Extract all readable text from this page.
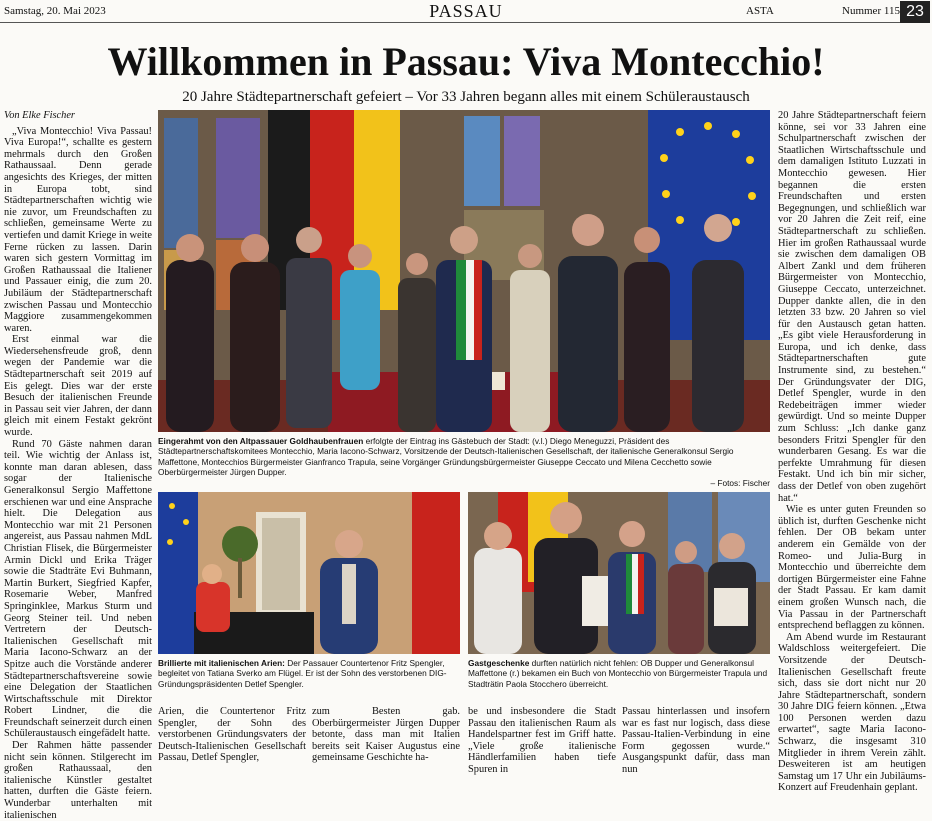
Samstag, 20. Mai 2023	PASSAU	ASTA	Nummer 115 23
Willkommen in Passau: Viva Montecchio!
20 Jahre Städtepartnerschaft gefeiert – Vor 33 Jahren begann alles mit einem Schüleraustausch

Von Elke Fischer

„Viva Montecchio! Viva Passau! Viva Europa!“, schallte es gestern mehrmals durch den Großen Rathaussaal. Denn gerade angesichts des Krieges, der mitten in Europa tobt, sind Städtepartnerschaften wichtig wie nie zuvor, um Freundschaften zu schließen, gemeinsame Werte zu vertiefen und damit Kriege in weite Ferne rücken zu lassen. Darin waren sich gestern Vormittag im Großen Rathaussaal die Italiener und Passauer einig, die zum 20. Jubiläum der Städtepartnerschaft zwischen Passau und Montecchio Maggiore zusammengekommen waren.

Erst einmal war die Wiedersehensfreude groß, denn wegen der Pandemie war die Städtepartnerschaft seit 2019 auf Eis gelegt. Dies war der erste Besuch der italienischen Freunde in Passau seit vier Jahren, der dann gleich mit einem Festakt gekrönt wurde.

Rund 70 Gäste nahmen daran teil. Wie wichtig der Anlass ist, konnte man daran ablesen, dass sogar der Italienische Generalkonsul Sergio Maffettone erschienen war und eine Ansprache hielt. Die Delegation aus Montecchio war mit 21 Personen angereist, aus Passau nahmen MdL Christian Flisek, die Bürgermeister Armin Dickl und Erika Träger sowie die Stadträte Evi Buhmann, Martin Burkert, Siegfried Kapfer, Rosemarie Weber, Manfred Springinklee, Markus Sturm und Georg Steiner teil. Und neben Vertretern der Deutsch-Italienischen Gesellschaft mit Maria Iacono-Schwarz an der Spitze auch die Vorstände anderer Städtepartnerschaftsvereine sowie eine Delegation der Staatlichen Wirtschaftsschule mit Direktor Robert Lindner, die die Freundschaft seinerzeit durch einen Schüleraustausch eingefädelt hatte.

Der Rahmen hätte passender nicht sein können. Stilgerecht im großen Rathaussaal, den italienische Künstler gestaltet hatten, durften die Gäste feiern. Wunderbar unterhalten mit italienischen

20 Jahre Städtepartnerschaft feiern könne, sei vor 33 Jahren eine Schulpartnerschaft zwischen der Staatlichen Wirtschaftsschule und dem damaligen Istituto Luzzati in Montecchio gewesen. Hier begannen die ersten Freundschaften und ersten Begegnungen, und schließlich war vor 20 Jahren die Zeit reif, eine Städtepartnerschaft zu schließen. Hier im großen Rathaussaal wurde sie zwischen dem damaligen OB Albert Zankl und dem früheren Bürgermeister von Montecchio, Giuseppe Ceccato, unterzeichnet. Dupper dankte allen, die in den letzten 33 bzw. 20 Jahren so viel für den Austausch getan hatten. „Es gibt viele Herausforderung in Europa, und ich denke, dass Städtepartnerschaften gute Instrumente sind, zu bestehen.“ Der Gründungsvater der DIG, Detlef Spengler, wurde in den Redebeiträgen immer wieder gewürdigt. Und so meinte Dupper zum Schluss: „Ich danke ganz besonders Fritzi Spengler für den wunderbaren Gesang. Es war die perfekte Umrahmung für diesen Festakt. Und ich bin mir sicher, dass der Detlef von oben zugehört hat.“

Wie es unter guten Freunden so üblich ist, durften Geschenke nicht fehlen. Der OB bekam unter anderem ein Gemälde von der Romeo- und Julia-Burg in Montecchio und überreichte dem dortigen Bürgermeister eine Fahne der Stadt Passau. Er kam damit einem großen Wunsch nach, die Via Passau in der Partnerschaft entsprechend beflaggen zu können.

Am Abend wurde im Restaurant Waldschloss weitergefeiert. Die Vorsitzende der Deutsch-Italienischen Gesellschaft freute sich, dass sie dort nicht nur 20 Jahre Städtepartnerschaft, sondern 30 Jahre DIG feiern können. „Etwa 100 Personen werden dazu erwartet“, sagte Maria Iacono-Schwarz, die insgesamt 310 Mitglieder in ihrem Verein zählt. Desweiteren ist am heutigen Samstag um 17 Uhr ein Jubiläums-Konzert auf Freudenhain geplant.

Eingerahmt von den Altpassauer Goldhaubenfrauen erfolgte der Eintrag ins Gästebuch der Stadt: (v.l.) Diego Meneguzzi, Präsident des Städtepartnerschaftskomitees Montecchio, Maria Iacono-Schwarz, Vorsitzende der Deutsch-Italienischen Gesellschaft, der italienische Generalkonsul Sergio Maffettone, Montecchios Bürgermeister Gianfranco Trapula, seine Vorgänger Gründungsbürgermeister Giuseppe Ceccato und Milena Cecchetto sowie Oberbürgermeister Jürgen Dupper.
– Fotos: Fischer
Brillierte mit italienischen Arien: Der Passauer Countertenor Fritz Spengler, begleitet von Tatiana Sverko am Flügel. Er ist der Sohn des verstorbenen DIG-Gründungspräsidenten Detlef Spengler.
Gastgeschenke durften natürlich nicht fehlen: OB Dupper und Generalkonsul Maffettone (r.) bekamen ein Buch von Montecchio von Bürgermeister Trapula und Stadträtin Paola Stocchero überreicht.

Arien, die Countertenor Fritz Spengler, der Sohn des verstorbenen Gründungsvaters der Deutsch-Italienischen Gesellschaft Passau, Detlef Spengler,

zum Besten gab. Oberbürgermeister Jürgen Dupper betonte, dass man mit Italien bereits seit Kaiser Augustus eine gemeinsame Geschichte ha-

be und insbesondere die Stadt Passau den italienischen Raum als Handelspartner fest im Griff hatte. „Viele große italienische Händlerfamilien haben tiefe Spuren in

Passau hinterlassen und insofern war es fast nur logisch, dass diese Passau-Italien-Verbindung in eine Form gegossen wurde.“ Ausgangspunkt dafür, dass man nun
